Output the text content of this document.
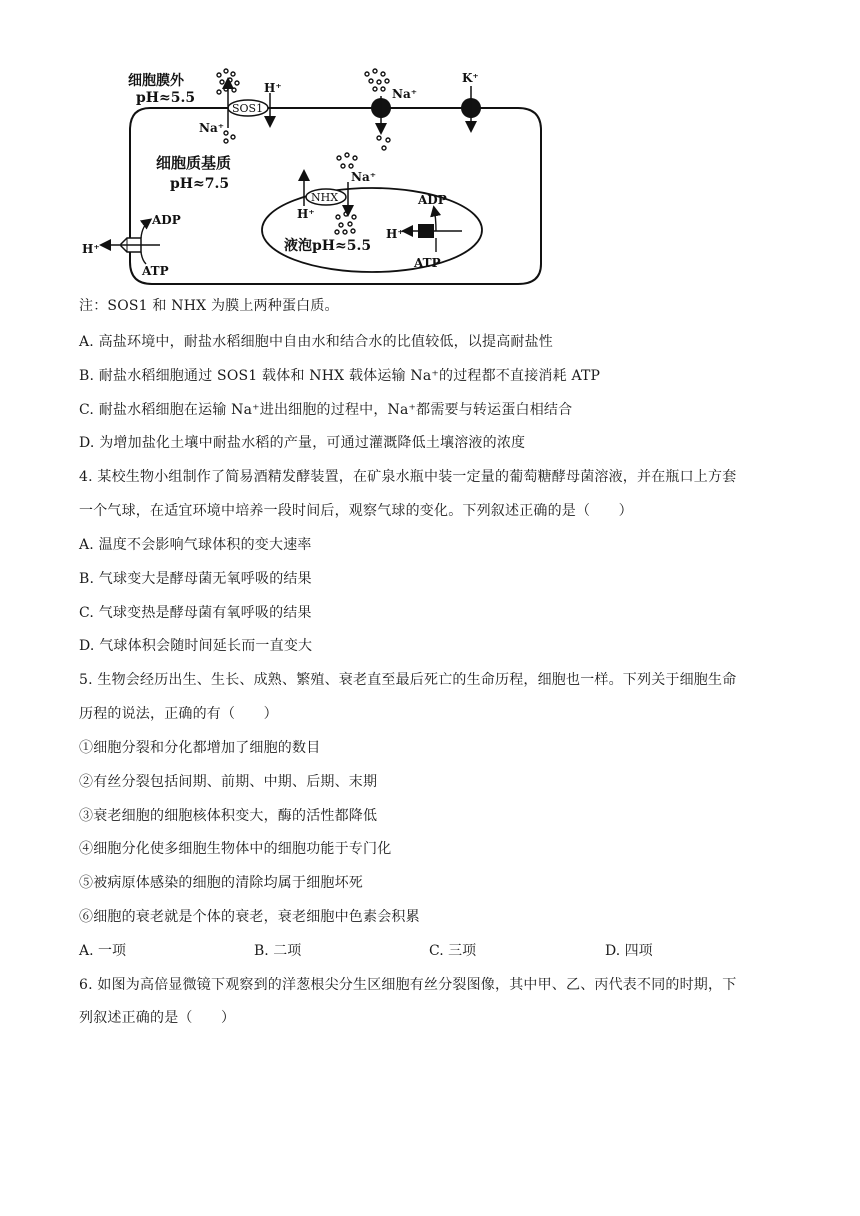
细胞膜外
pH≈5.5
细胞质基质
pH≈7.5
SOS1
H⁺
Na⁺
Na⁺
K⁺
液泡pH≈5.5
NHX
H⁺
Na⁺
H⁺
ADP
ATP
H⁺
ADP
ATP
注：SOS1 和 NHX 为膜上两种蛋白质。
A. 高盐环境中，耐盐水稻细胞中自由水和结合水的比值较低，以提高耐盐性
B. 耐盐水稻细胞通过 SOS1 载体和 NHX 载体运输 Na⁺的过程都不直接消耗 ATP
C. 耐盐水稻细胞在运输 Na⁺进出细胞的过程中，Na⁺都需要与转运蛋白相结合
D. 为增加盐化土壤中耐盐水稻的产量，可通过灌溉降低土壤溶液的浓度
4. 某校生物小组制作了简易酒精发酵装置，在矿泉水瓶中装一定量的葡萄糖酵母菌溶液，并在瓶口上方套
一个气球，在适宜环境中培养一段时间后，观察气球的变化。下列叙述正确的是（　　）
A. 温度不会影响气球体积的变大速率
B. 气球变大是酵母菌无氧呼吸的结果
C. 气球变热是酵母菌有氧呼吸的结果
D. 气球体积会随时间延长而一直变大
5. 生物会经历出生、生长、成熟、繁殖、衰老直至最后死亡的生命历程，细胞也一样。下列关于细胞生命
历程的说法，正确的有（　　）
①细胞分裂和分化都增加了细胞的数目
②有丝分裂包括间期、前期、中期、后期、末期
③衰老细胞的细胞核体积变大，酶的活性都降低
④细胞分化使多细胞生物体中的细胞功能于专门化
⑤被病原体感染的细胞的清除均属于细胞坏死
⑥细胞的衰老就是个体的衰老，衰老细胞中色素会积累
A. 一项	B. 二项	C. 三项	D. 四项
6. 如图为高倍显微镜下观察到的洋葱根尖分生区细胞有丝分裂图像，其中甲、乙、丙代表不同的时期，下
列叙述正确的是（　　）
